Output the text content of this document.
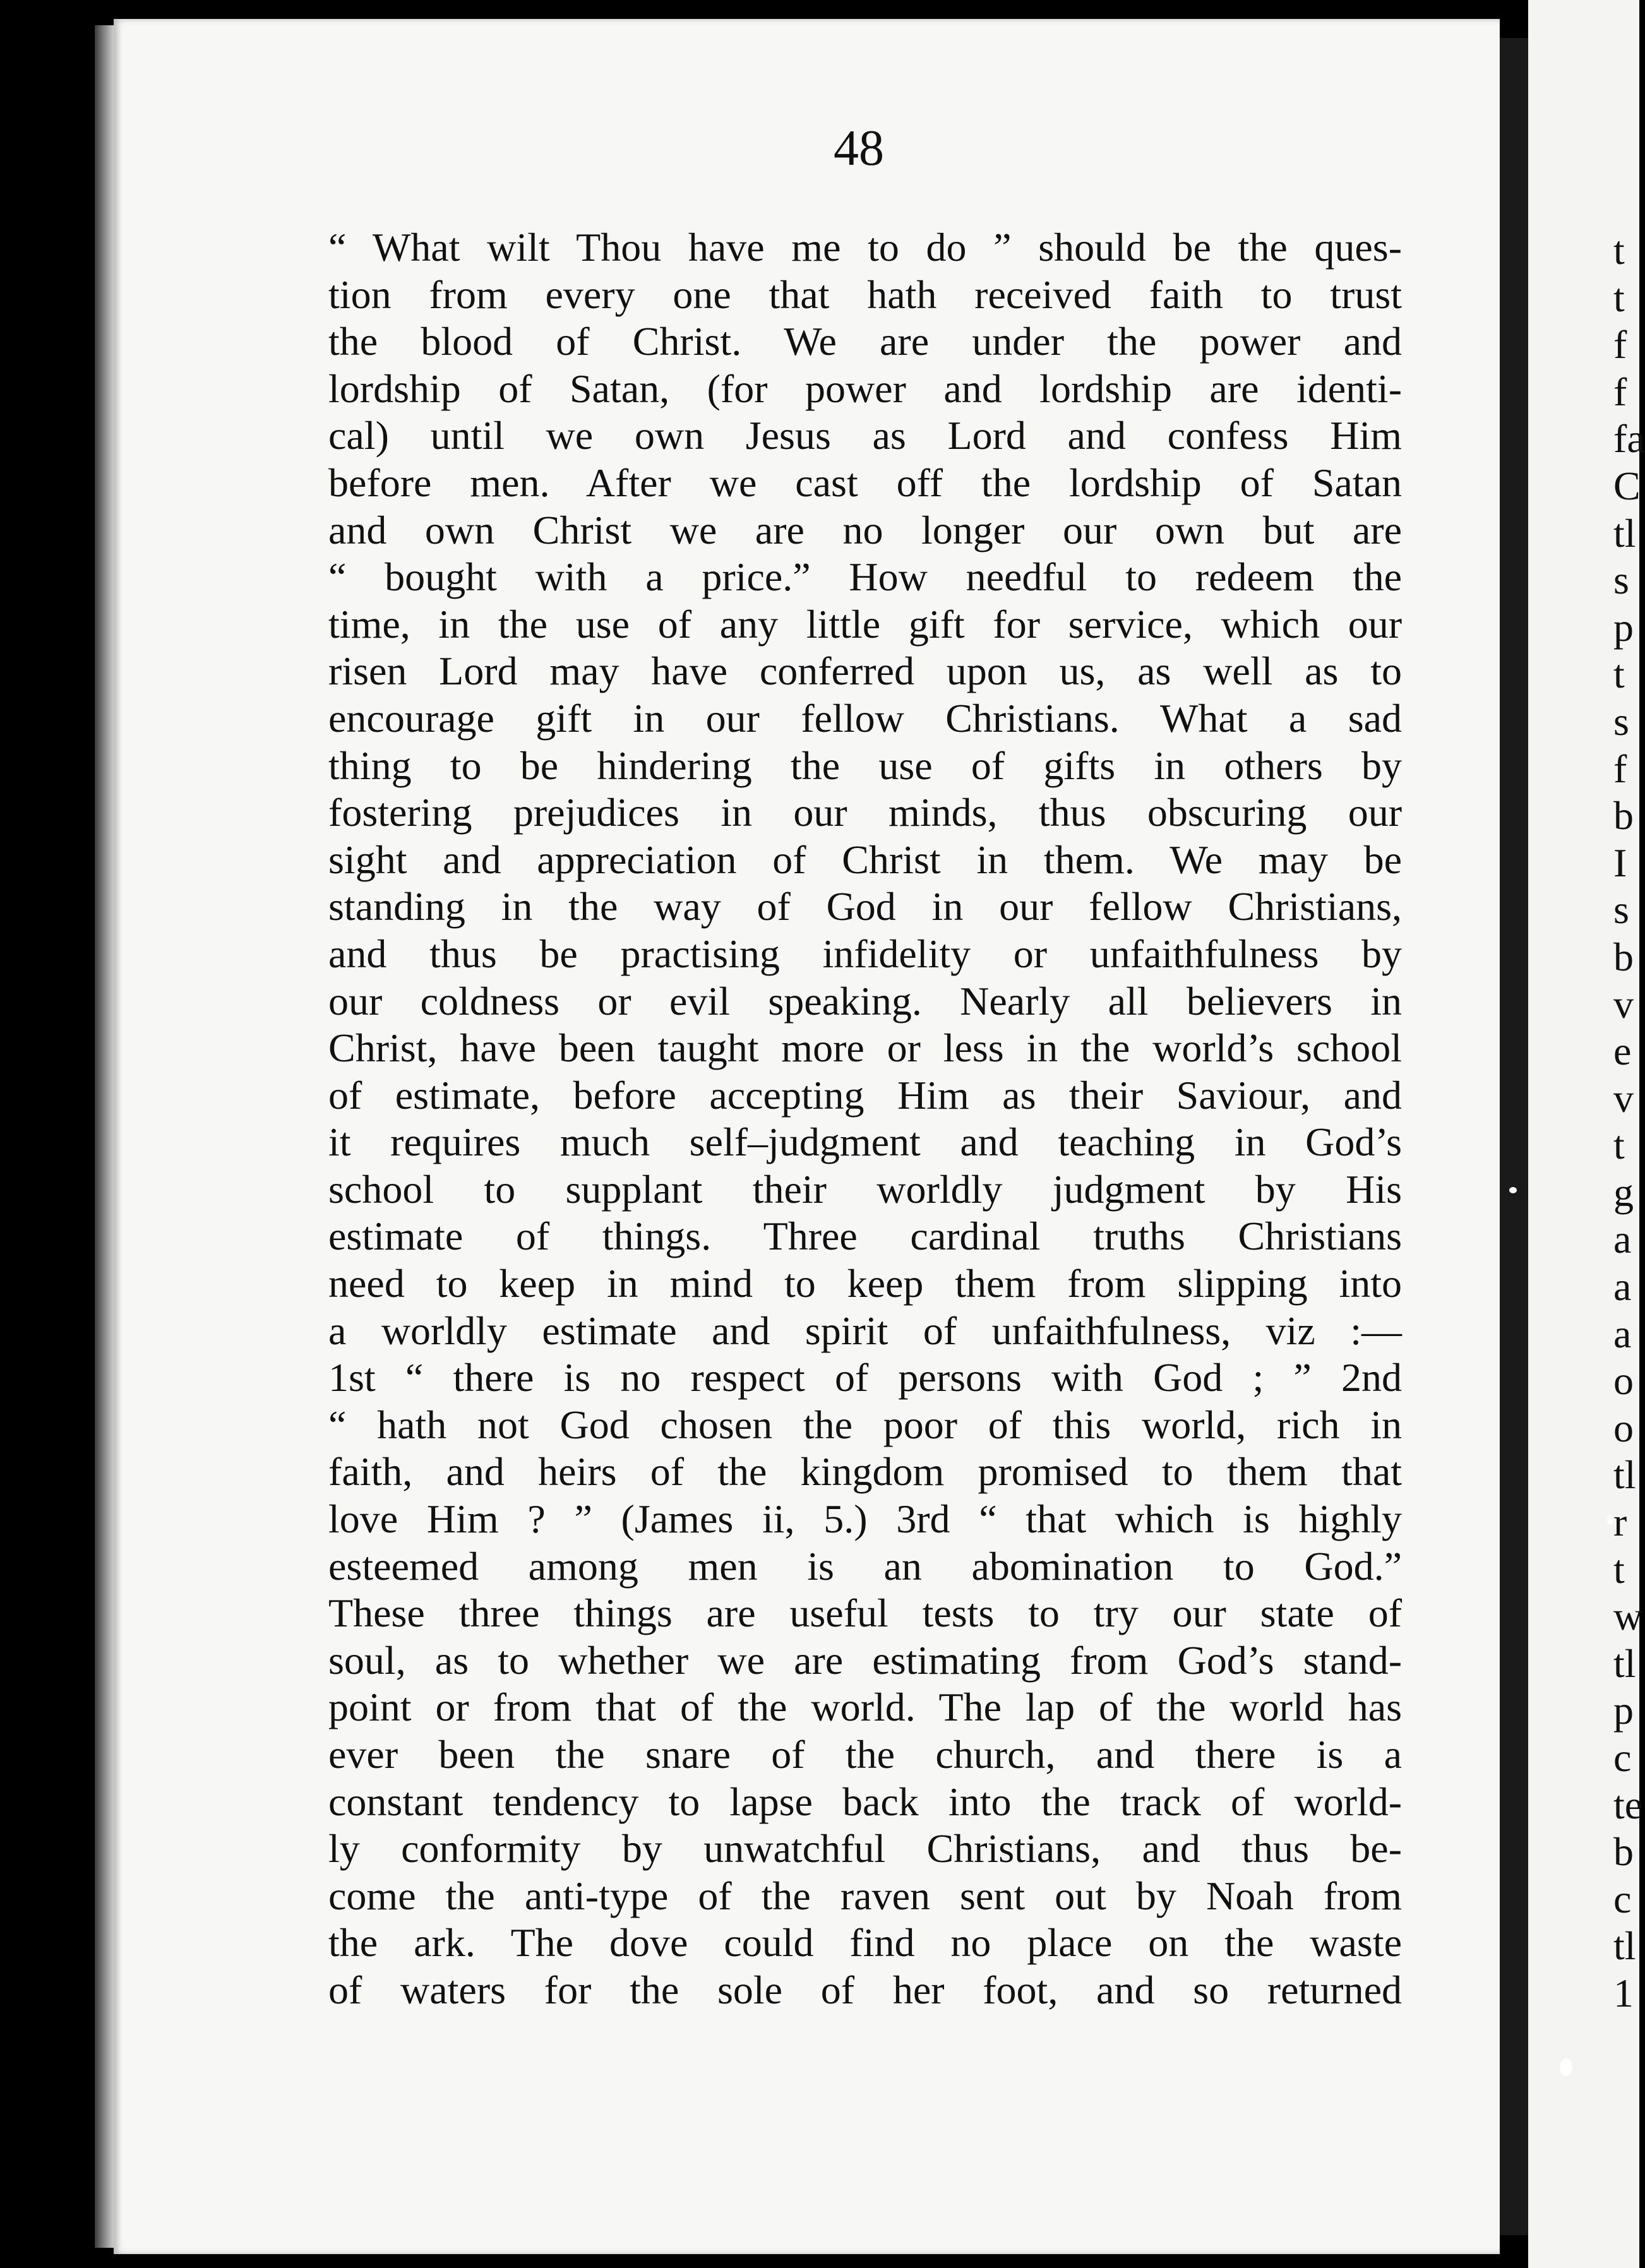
48
“ What wilt Thou have me to do ” should be the ques-
tion from every one that hath received faith to trust
the blood of Christ. We are under the power and
lordship of Satan, (for power and lordship are identi-
cal) until we own Jesus as Lord and confess Him
before men. After we cast off the lordship of Satan
and own Christ we are no longer our own but are
“ bought with a price.” How needful to redeem the
time, in the use of any little gift for service, which our
risen Lord may have conferred upon us, as well as to
encourage gift in our fellow Christians. What a sad
thing to be hindering the use of gifts in others by
fostering prejudices in our minds, thus obscuring our
sight and appreciation of Christ in them. We may be
standing in the way of God in our fellow Christians,
and thus be practising infidelity or unfaithfulness by
our coldness or evil speaking. Nearly all believers in
Christ, have been taught more or less in the world’s school
of estimate, before accepting Him as their Saviour, and
it requires much self–judgment and teaching in God’s
school to supplant their worldly judgment by His
estimate of things. Three cardinal truths Christians
need to keep in mind to keep them from slipping into
a worldly estimate and spirit of unfaithfulness, viz :—
1st “ there is no respect of persons with God ; ” 2nd
“ hath not God chosen the poor of this world, rich in
faith, and heirs of the kingdom promised to them that
love Him ? ” (James ii, 5.) 3rd “ that which is highly
esteemed among men is an abomination to God.”
These three things are useful tests to try our state of
soul, as to whether we are estimating from God’s stand-
point or from that of the world. The lap of the world has
ever been the snare of the church, and there is a
constant tendency to lapse back into the track of world-
ly conformity by unwatchful Christians, and thus be-
come the anti-type of the raven sent out by Noah from
the ark. The dove could find no place on the waste
of waters for the sole of her foot, and so returned
t
t
f
f
fa
C
tl
s
p
t
s
f
b
I
s
b
v
e
v
t
g
a
a
a
o
o
tl
r
t
w
tl
p
c
te
b
c
tl
1
